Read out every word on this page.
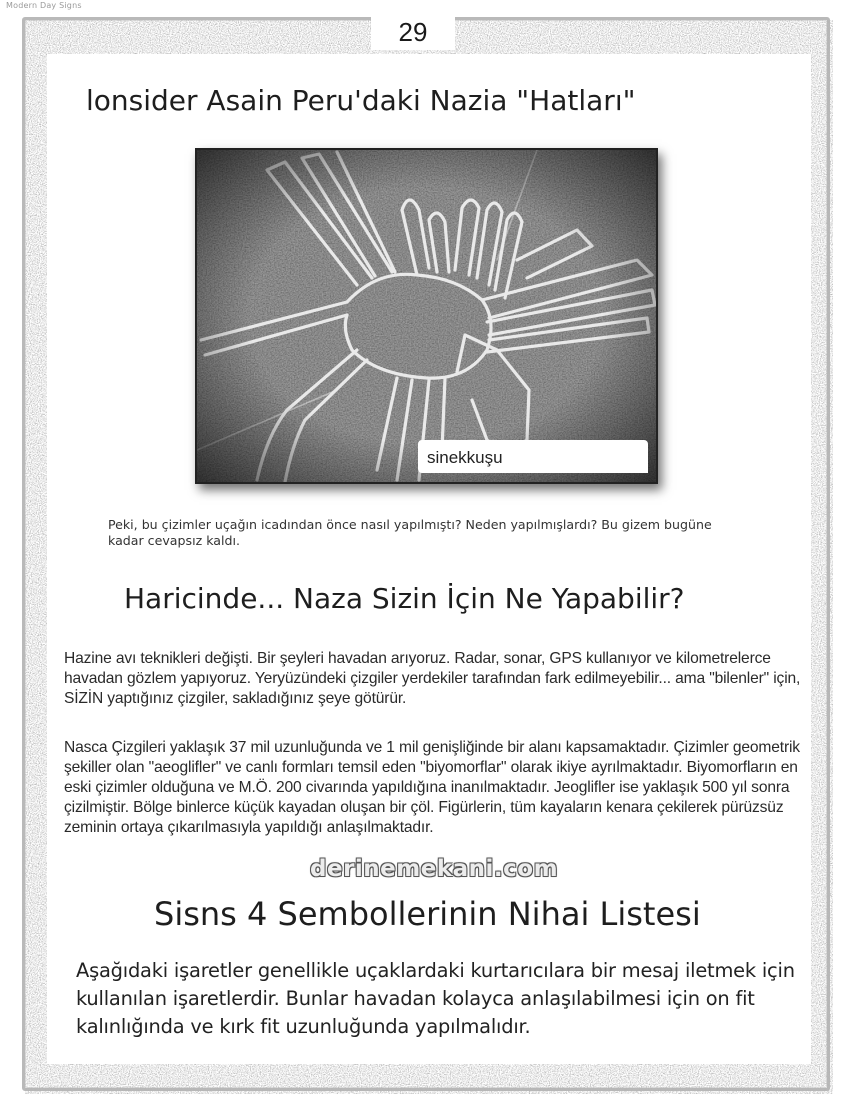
Modern Day Signs
29
lonsider Asain Peru'daki Nazia "Hatları"
sinekkuşu
Peki, bu çizimler uçağın icadından önce nasıl yapılmıştı? Neden yapılmışlardı? Bu gizem bugüne kadar cevapsız kaldı.
Haricinde... Naza Sizin İçin Ne Yapabilir?
Hazine avı teknikleri değişti. Bir şeyleri havadan arıyoruz. Radar, sonar, GPS kullanıyor ve kilometrelerce havadan gözlem yapıyoruz. Yeryüzündeki çizgiler yerdekiler tarafından fark edilmeyebilir... ama "bilenler" için, SİZİN yaptığınız çizgiler, sakladığınız şeye götürür.
Nasca Çizgileri yaklaşık 37 mil uzunluğunda ve 1 mil genişliğinde bir alanı kapsamaktadır. Çizimler geometrik şekiller olan "aeoglifler" ve canlı formları temsil eden "biyomorflar" olarak ikiye ayrılmaktadır. Biyomorfların en eski çizimler olduğuna ve M.Ö. 200 civarında yapıldığına inanılmaktadır. Jeoglifler ise yaklaşık 500 yıl sonra çizilmiştir. Bölge binlerce küçük kayadan oluşan bir çöl. Figürlerin, tüm kayaların kenara çekilerek pürüzsüz zeminin ortaya çıkarılmasıyla yapıldığı anlaşılmaktadır.
derinemekani.com
Sisns 4 Sembollerinin Nihai Listesi
Aşağıdaki işaretler genellikle uçaklardaki kurtarıcılara bir mesaj iletmek için kullanılan işaretlerdir. Bunlar havadan kolayca anlaşılabilmesi için on fit kalınlığında ve kırk fit uzunluğunda yapılmalıdır.
